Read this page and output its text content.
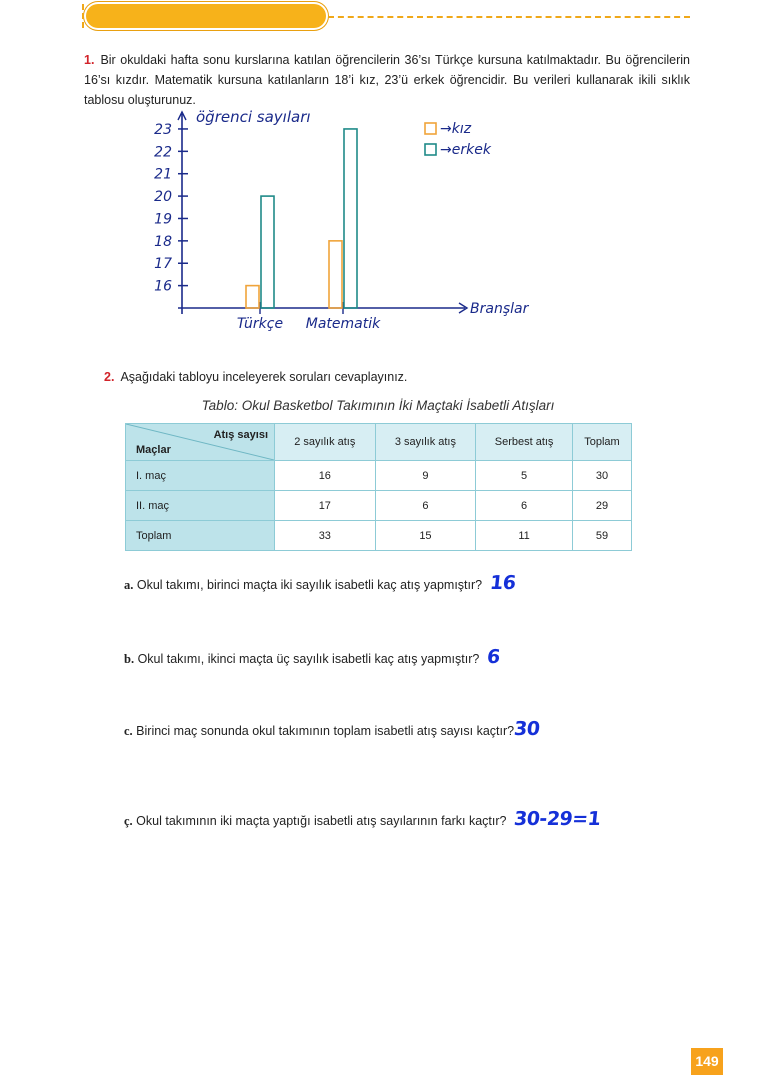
1. Bir okuldaki hafta sonu kurslarına katılan öğrencilerin 36’sı Türkçe kursuna katılmaktadır. Bu öğrencilerin 16’sı kızdır. Matematik kursuna katılanların 18’i kız, 23’ü erkek öğrencidir. Bu verileri kullanarak ikili sıklık tablosu oluşturunuz.
öğrenci sayıları
Branşlar
16
17
18
19
20
21
22
23
Türkçe Matematik
→kız
→erkek
2. Aşağıdaki tabloyu inceleyerek soruları cevaplayınız.
Tablo: Okul Basketbol Takımının İki Maçtaki İsabetli Atışları
Atış sayısı
Maçlar	2 sayılık atış	3 sayılık atış	Serbest atış	Toplam
I. maç	16	9	5	30
II. maç	17	6	6	29
Toplam	33	15	11	59
a. Okul takımı, birinci maçta iki sayılık isabetli kaç atış yapmıştır? 16
b. Okul takımı, ikinci maçta üç sayılık isabetli kaç atış yapmıştır? 6
c. Birinci maç sonunda okul takımının toplam isabetli atış sayısı kaçtır?30
ç. Okul takımının iki maçta yaptığı isabetli atış sayılarının farkı kaçtır? 30-29=1
149
